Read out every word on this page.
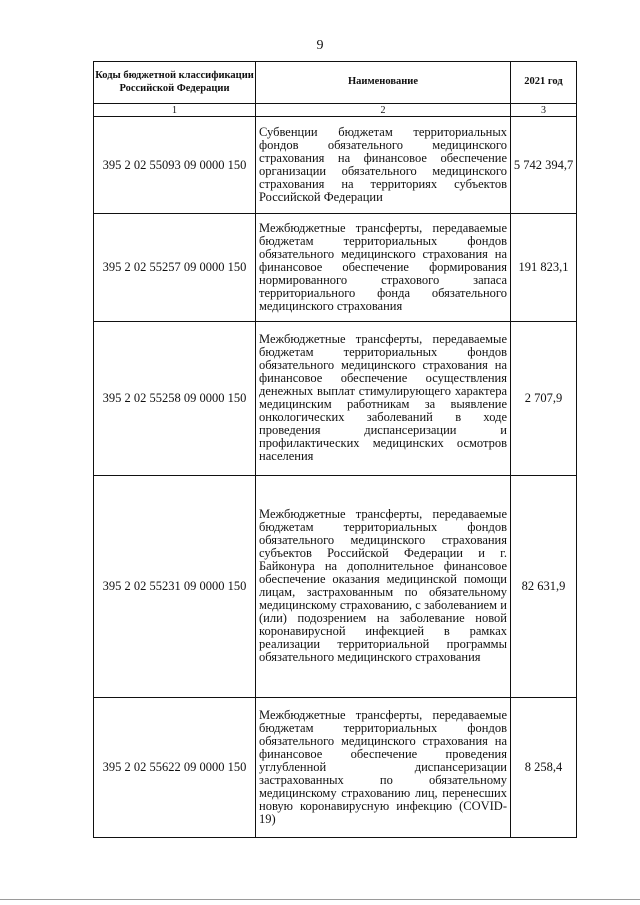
9
Коды бюджетной классификации Российской Федерации	Наименование	2021 год
1	2	3
395 2 02 55093 09 0000 150	Субвенции бюджетам территориальных фондов обязательного медицинского страхования на финансовое обеспечение организации обязательного медицинского страхования на территориях субъектов Российской Федерации	5 742 394,7
395 2 02 55257 09 0000 150	Межбюджетные трансферты, передаваемые бюджетам территориальных фондов обязательного медицинского страхования на финансовое обеспечение формирования нормированного страхового запаса территориального фонда обязательного медицинского страхования	191 823,1
395 2 02 55258 09 0000 150	Межбюджетные трансферты, передаваемые бюджетам территориальных фондов обязательного медицинского страхования на финансовое обеспечение осуществления денежных выплат стимулирующего характера медицинским работникам за выявление онкологических заболеваний в ходе проведения диспансеризации и профилактических медицинских осмотров населения	2 707,9
395 2 02 55231 09 0000 150	Межбюджетные трансферты, передаваемые бюджетам территориальных фондов обязательного медицинского страхования субъектов Российской Федерации и г. Байконура на дополнительное финансовое обеспечение оказания медицинской помощи лицам, застрахованным по обязательному медицинскому страхованию, с заболеванием и (или) подозрением на заболевание новой коронавирусной инфекцией в рамках реализации территориальной программы обязательного медицинского страхования	82 631,9
395 2 02 55622 09 0000 150	Межбюджетные трансферты, передаваемые бюджетам территориальных фондов обязательного медицинского страхования на финансовое обеспечение проведения углубленной диспансеризации застрахованных по обязательному медицинскому страхованию лиц, перенесших новую коронавирусную инфекцию (COVID-19)	8 258,4
